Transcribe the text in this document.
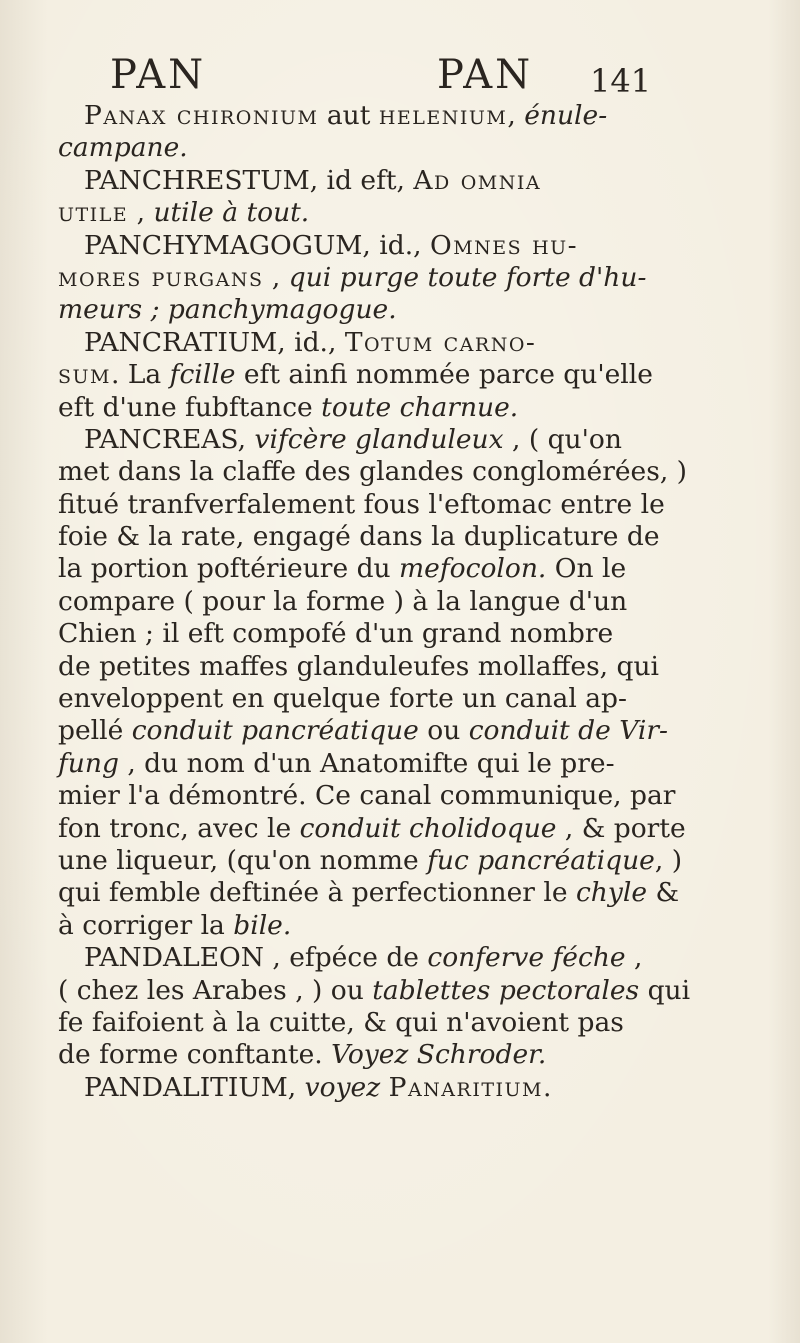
PAN	PAN 141
Panax chironium aut helenium, énule-
campane.
PANCHRESTUM, id eft, Ad omnia
utile , utile à tout.
PANCHYMAGOGUM, id., Omnes hu-
mores purgans , qui purge toute forte d'hu-
meurs ; panchymagogue.
PANCRATIUM, id., Totum carno-
sum. La fcille eft ainfi nommée parce qu'elle
eft d'une fubftance toute charnue.
PANCREAS, vifcère glanduleux , ( qu'on
met dans la claffe des glandes conglomérées, )
fitué tranfverfalement fous l'eftomac entre le
foie & la rate, engagé dans la duplicature de
la portion poftérieure du mefocolon. On le
compare ( pour la forme ) à la langue d'un
Chien ; il eft compofé d'un grand nombre
de petites maffes glanduleufes mollaffes, qui
enveloppent en quelque forte un canal ap-
pellé conduit pancréatique ou conduit de Vir-
fung , du nom d'un Anatomifte qui le pre-
mier l'a démontré. Ce canal communique, par
fon tronc, avec le conduit cholidoque , & porte
une liqueur, (qu'on nomme fuc pancréatique, )
qui femble deftinée à perfectionner le chyle &
à corriger la bile.
PANDALEON , efpéce de conferve féche ,
( chez les Arabes , ) ou tablettes pectorales qui
fe faifoient à la cuitte, & qui n'avoient pas
de forme conftante. Voyez Schroder.
PANDALITIUM, voyez Panaritium.
